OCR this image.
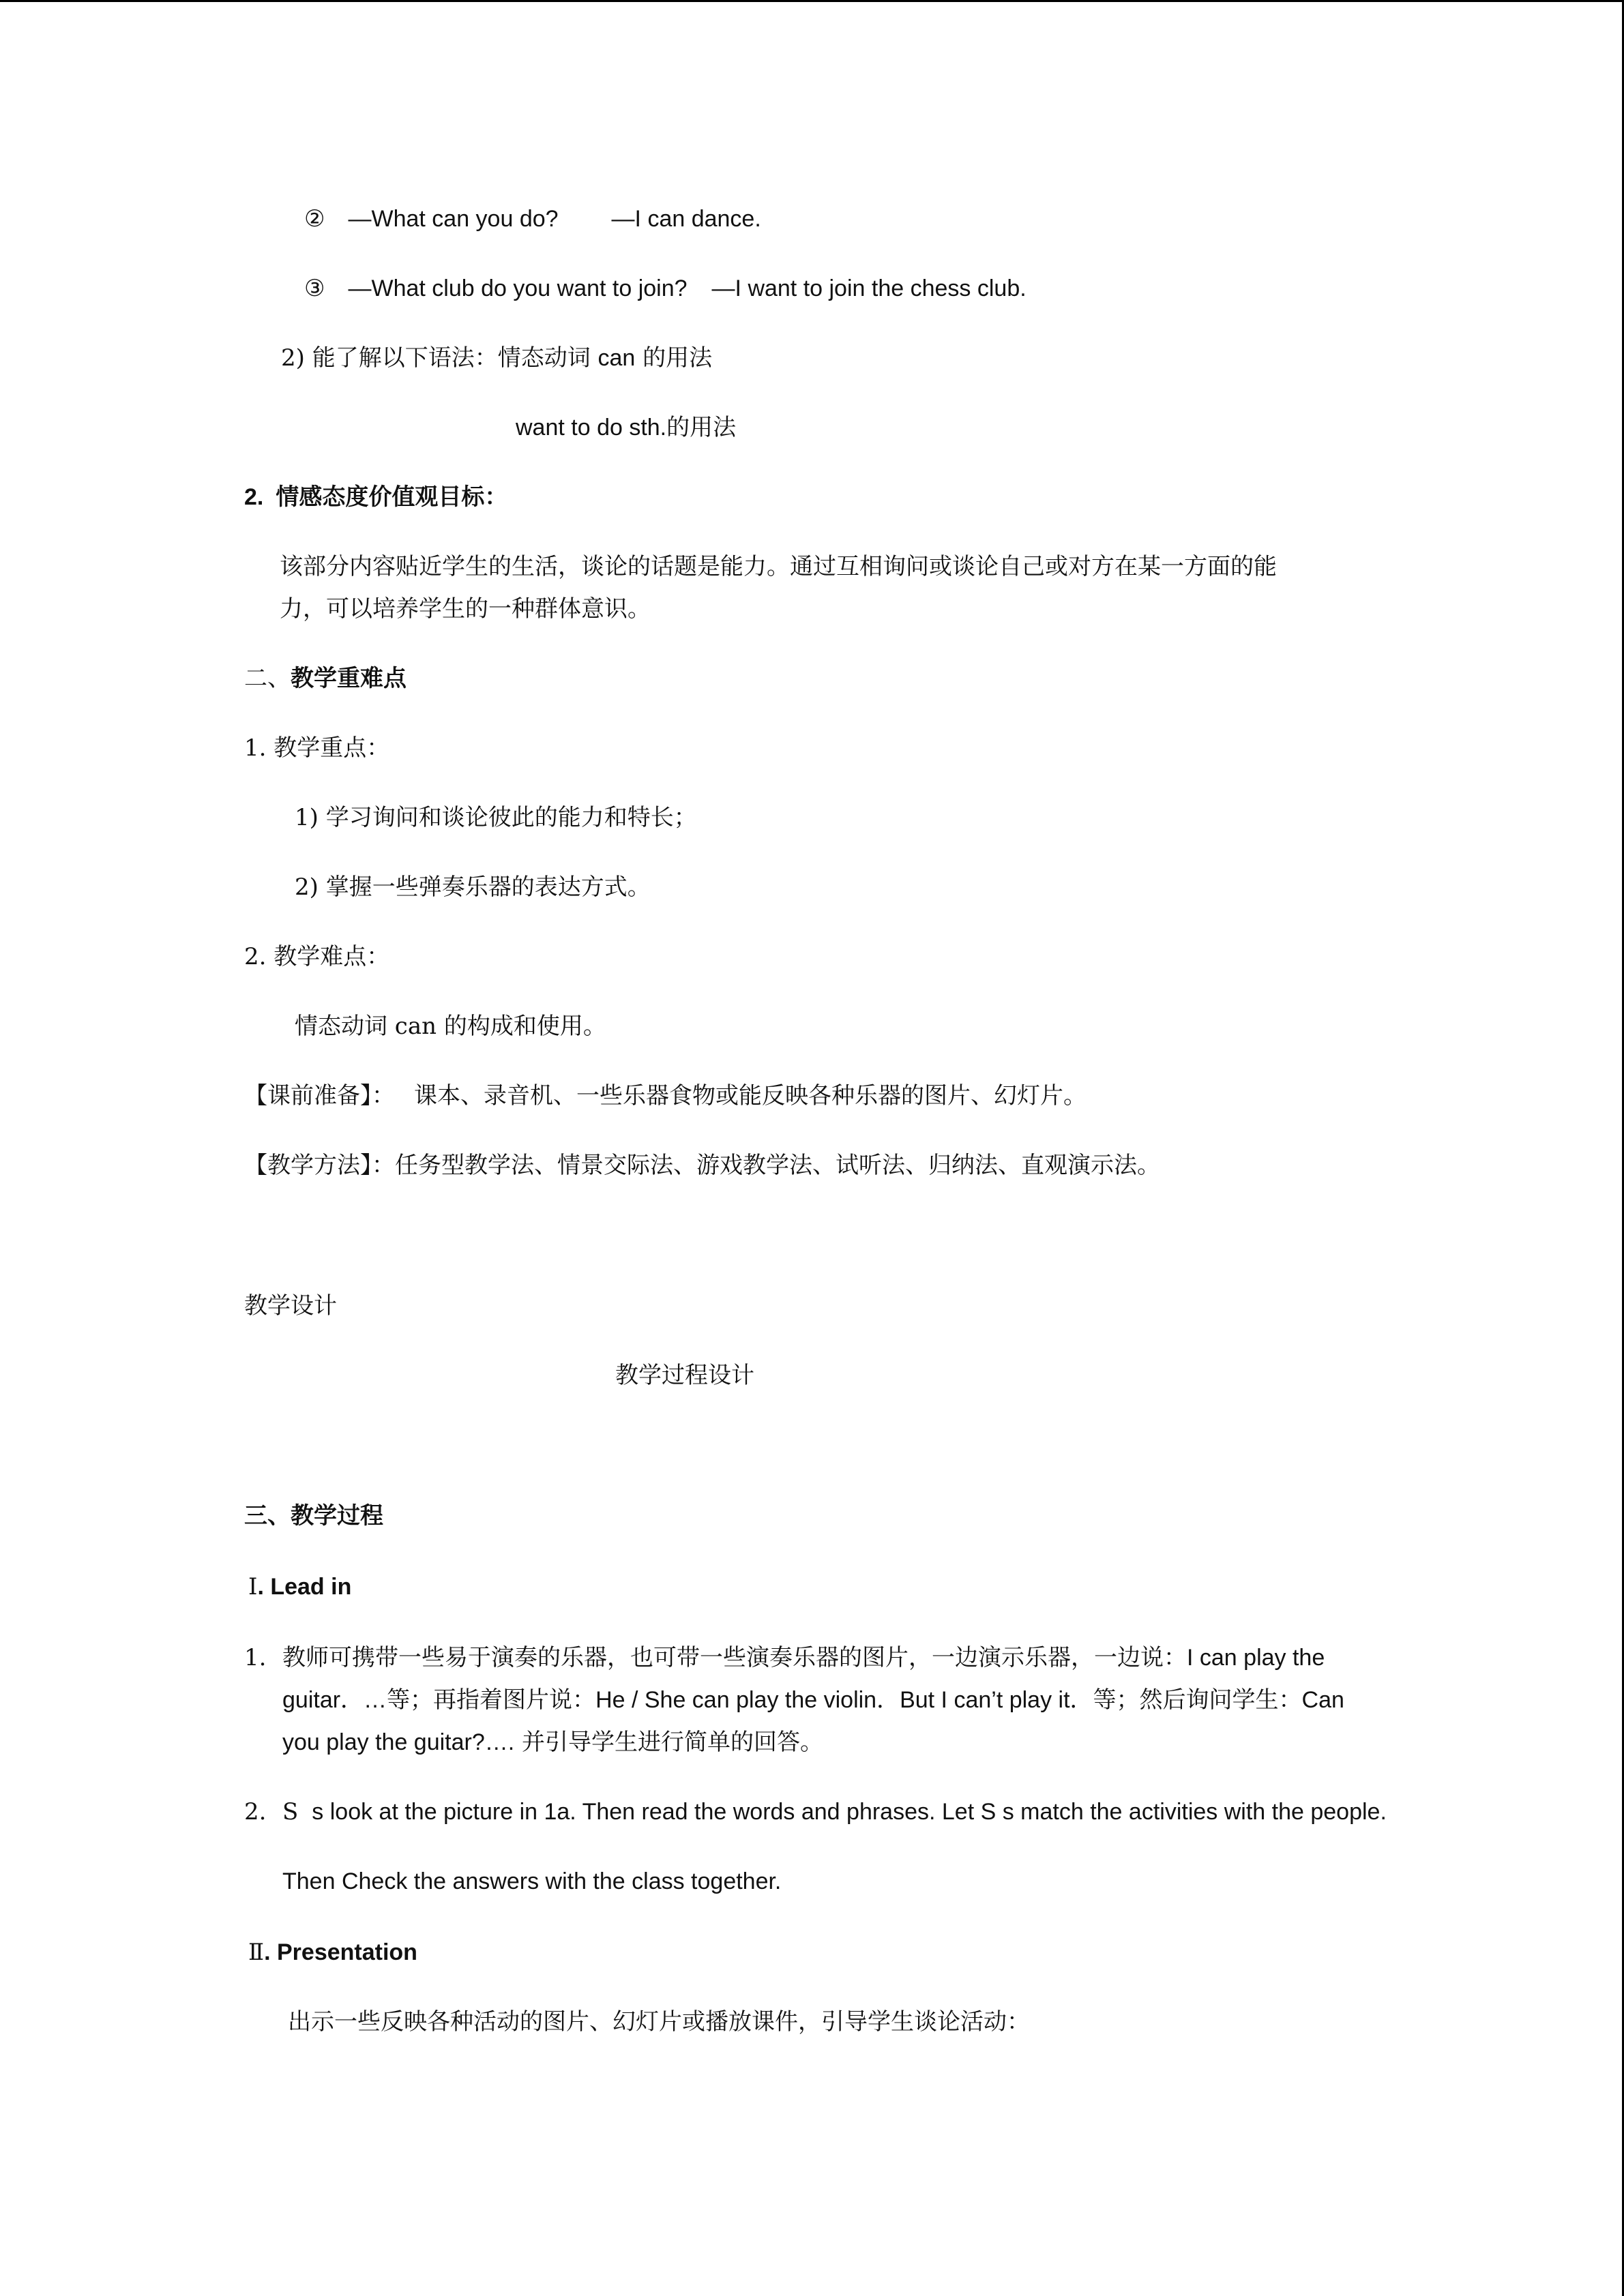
② —What can you do? —I can dance.
③ —What club do you want to join? —I want to join the chess club.
2) 能了解以下语法：情态动词 can 的用法
want to do sth.的用法
2. 情感态度价值观目标：
该部分内容贴近学生的生活，谈论的话题是能力。通过互相询问或谈论自己或对方在某一方面的能
力，可以培养学生的一种群体意识。
二、教学重难点
1. 教学重点：
1) 学习询问和谈论彼此的能力和特长；
2) 掌握一些弹奏乐器的表达方式。
2. 教学难点：
情态动词 can 的构成和使用。
【课前准备】： 课本、录音机、一些乐器食物或能反映各种乐器的图片、幻灯片。
【教学方法】：任务型教学法、情景交际法、游戏教学法、试听法、归纳法、直观演示法。
教学设计
教学过程设计
三、教学过程
Ⅰ. Lead in
1. 教师可携带一些易于演奏的乐器，也可带一些演奏乐器的图片，一边演示乐器，一边说：I can play the
guitar．…等；再指着图片说：He / She can play the violin．But I can’t play it．等；然后询问学生：Can
you play the guitar?…. 并引导学生进行简单的回答。
2. S s look at the picture in 1a. Then read the words and phrases. Let S s match the activities with the people.
Then Check the answers with the class together.
Ⅱ. Presentation
出示一些反映各种活动的图片、幻灯片或播放课件，引导学生谈论活动：
